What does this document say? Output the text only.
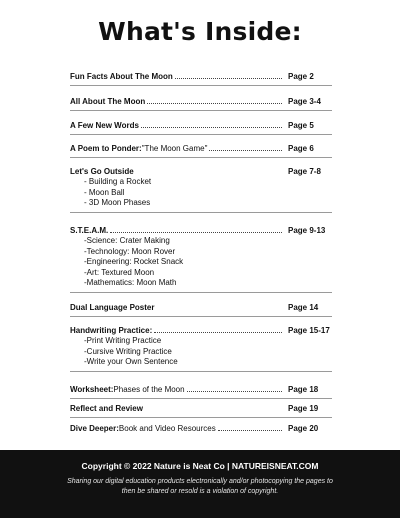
What's Inside:
Fun Facts About The Moon	Page 2
All About The Moon	Page 3-4
A Few New Words	Page 5
A Poem to Ponder: "The Moon Game"	Page 6
Let's Go Outside	Page 7-8
- Building a Rocket
- Moon Ball
- 3D Moon Phases
S.T.E.A.M.	Page 9-13
-Science: Crater Making
-Technology: Moon Rover
-Engineering: Rocket Snack
-Art: Textured Moon
-Mathematics: Moon Math
Dual Language Poster	Page 14
Handwriting Practice:	Page 15-17
-Print Writing Practice
-Cursive Writing Practice
-Write your Own Sentence
Worksheet: Phases of the Moon	Page 18
Reflect and Review	Page 19
Dive Deeper: Book and Video Resources	Page 20
Copyright © 2022 Nature is Neat Co | NATUREISNEAT.COM
Sharing our digital education products electronically and/or photocopying the pages to then be shared or resold is a violation of copyright.
